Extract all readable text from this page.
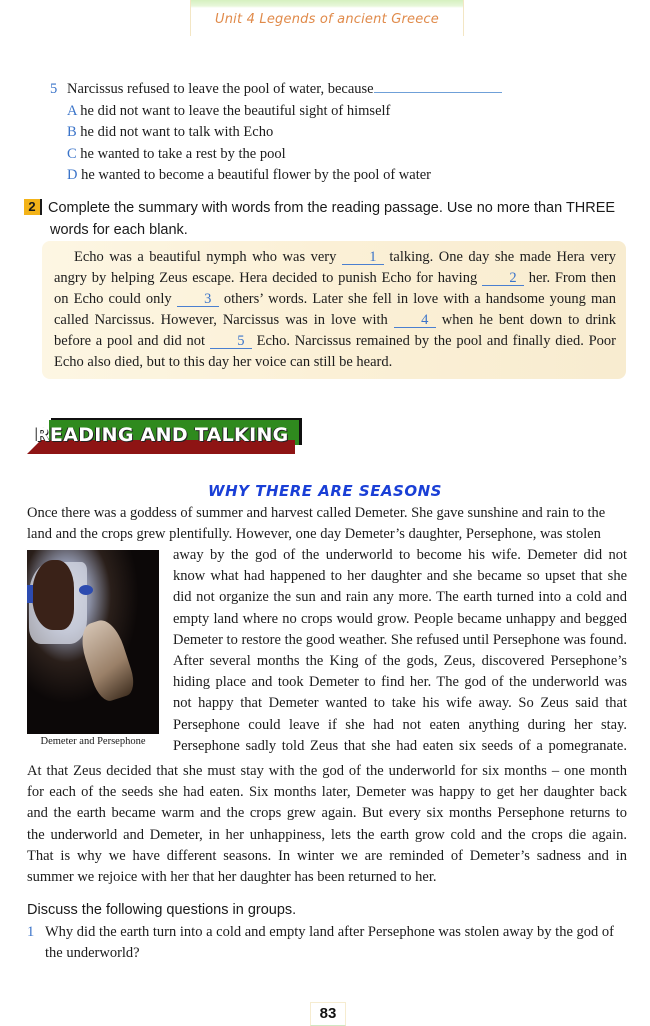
Unit 4 Legends of ancient Greece
5 Narcissus refused to leave the pool of water, because
A he did not want to leave the beautiful sight of himself
B he did not want to talk with Echo
C he wanted to take a rest by the pool
D he wanted to become a beautiful flower by the pool of water
2 Complete the summary with words from the reading passage. Use no more than THREE
words for each blank.

Echo was a beautiful nymph who was very 1 talking. One day she made Hera very angry by helping Zeus escape. Hera decided to punish Echo for having 2 her. From then on Echo could only 3 others’ words. Later she fell in love with a handsome young man called Narcissus. However, Narcissus was in love with 4 when he bent down to drink before a pool and did not 5 Echo. Narcissus remained by the pool and finally died. Poor Echo also died, but to this day her voice can still be heard.

READING AND TALKING
WHY THERE ARE SEASONS
Once there was a goddess of summer and harvest called Demeter. She gave sunshine and rain to the
land and the crops grew plentifully. However, one day Demeter’s daughter, Persephone, was stolen
Demeter and Persephone
away by the god of the underworld to become his wife. Demeter did not
know what had happened to her daughter and she became so upset that she
did not organize the sun and rain any more. The earth turned into a cold and
empty land where no crops would grow. People became unhappy and begged
Demeter to restore the good weather. She refused until Persephone was found.
After several months the King of the gods, Zeus, discovered Persephone’s
hiding place and took Demeter to find her. The god of the underworld was
not happy that Demeter wanted to take his wife away. So Zeus said that
Persephone could leave if she had not eaten anything during her stay.
Persephone sadly told Zeus that she had eaten six seeds of a pomegranate.
At that Zeus decided that she must stay with the god of the underworld for six months – one month
for each of the seeds she had eaten. Six months later, Demeter was happy to get her daughter back
and the earth became warm and the crops grew again. But every six months Persephone returns to
the underworld and Demeter, in her unhappiness, lets the earth grow cold and the crops die again.
That is why we have different seasons. In winter we are reminded of Demeter’s sadness and in
summer we rejoice with her that her daughter has been returned to her.
Discuss the following questions in groups.
1 Why did the earth turn into a cold and empty land after Persephone was stolen away by the god of the underworld?
83
